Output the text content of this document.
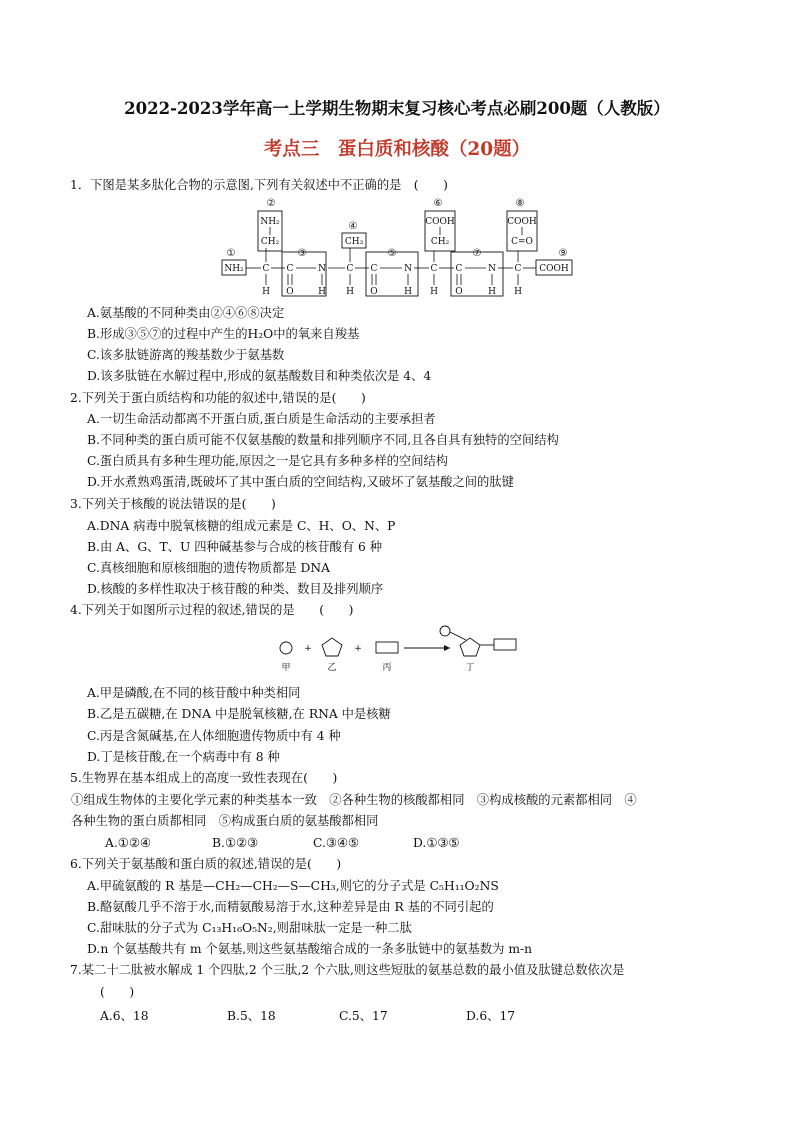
2022-2023学年高一上学期生物期末复习核心考点必刷200题（人教版）
考点三　蛋白质和核酸（20题）
1．下图是某多肽化合物的示意图,下列有关叙述中不正确的是　(　　)
②
④
⑥	⑧
①	③	⑤	⑦	⑨
NH₂
CH₂	CH₃
COOH
CH₂
COOH
C=O
NH₂ C C	N C C	N C C	N C COOH
H	H H	H H	H H
O	O	O
A.氨基酸的不同种类由②④⑥⑧决定
B.形成③⑤⑦的过程中产生的H₂O中的氧来自羧基
C.该多肽链游离的羧基数少于氨基数
D.该多肽链在水解过程中,形成的氨基酸数目和种类依次是 4、4
2.下列关于蛋白质结构和功能的叙述中,错误的是(　　)
A.一切生命活动都离不开蛋白质,蛋白质是生命活动的主要承担者
B.不同种类的蛋白质可能不仅氨基酸的数量和排列顺序不同,且各自具有独特的空间结构
C.蛋白质具有多种生理功能,原因之一是它具有多种多样的空间结构
D.开水煮熟鸡蛋清,既破坏了其中蛋白质的空间结构,又破坏了氨基酸之间的肽键
3.下列关于核酸的说法错误的是(　　)
A.DNA 病毒中脱氧核糖的组成元素是 C、H、O、N、P
B.由 A、G、T、U 四种碱基参与合成的核苷酸有 6 种
C.真核细胞和原核细胞的遗传物质都是 DNA
D.核酸的多样性取决于核苷酸的种类、数目及排列顺序
4.下列关于如图所示过程的叙述,错误的是　　(　　)
+	+
甲	乙	丙	丁
A.甲是磷酸,在不同的核苷酸中种类相同
B.乙是五碳糖,在 DNA 中是脱氧核糖,在 RNA 中是核糖
C.丙是含氮碱基,在人体细胞遗传物质中有 4 种
D.丁是核苷酸,在一个病毒中有 8 种
5.生物界在基本组成上的高度一致性表现在(　　)
①组成生物体的主要化学元素的种类基本一致　②各种生物的核酸都相同　③构成核酸的元素都相同　④
各种生物的蛋白质都相同　⑤构成蛋白质的氨基酸都相同
A.①②④	B.①②③	C.③④⑤	D.①③⑤
6.下列关于氨基酸和蛋白质的叙述,错误的是(　　)
A.甲硫氨酸的 R 基是—CH₂—CH₂—S—CH₃,则它的分子式是 C₅H₁₁O₂NS
B.酪氨酸几乎不溶于水,而精氨酸易溶于水,这种差异是由 R 基的不同引起的
C.甜味肽的分子式为 C₁₃H₁₆O₅N₂,则甜味肽一定是一种二肽
D.n 个氨基酸共有 m 个氨基,则这些氨基酸缩合成的一条多肽链中的氨基数为 m-n
7.某二十二肽被水解成 1 个四肽,2 个三肽,2 个六肽,则这些短肽的氨基总数的最小值及肽键总数依次是
(　　)
A.6、18	B.5、18	C.5、17	D.6、17
